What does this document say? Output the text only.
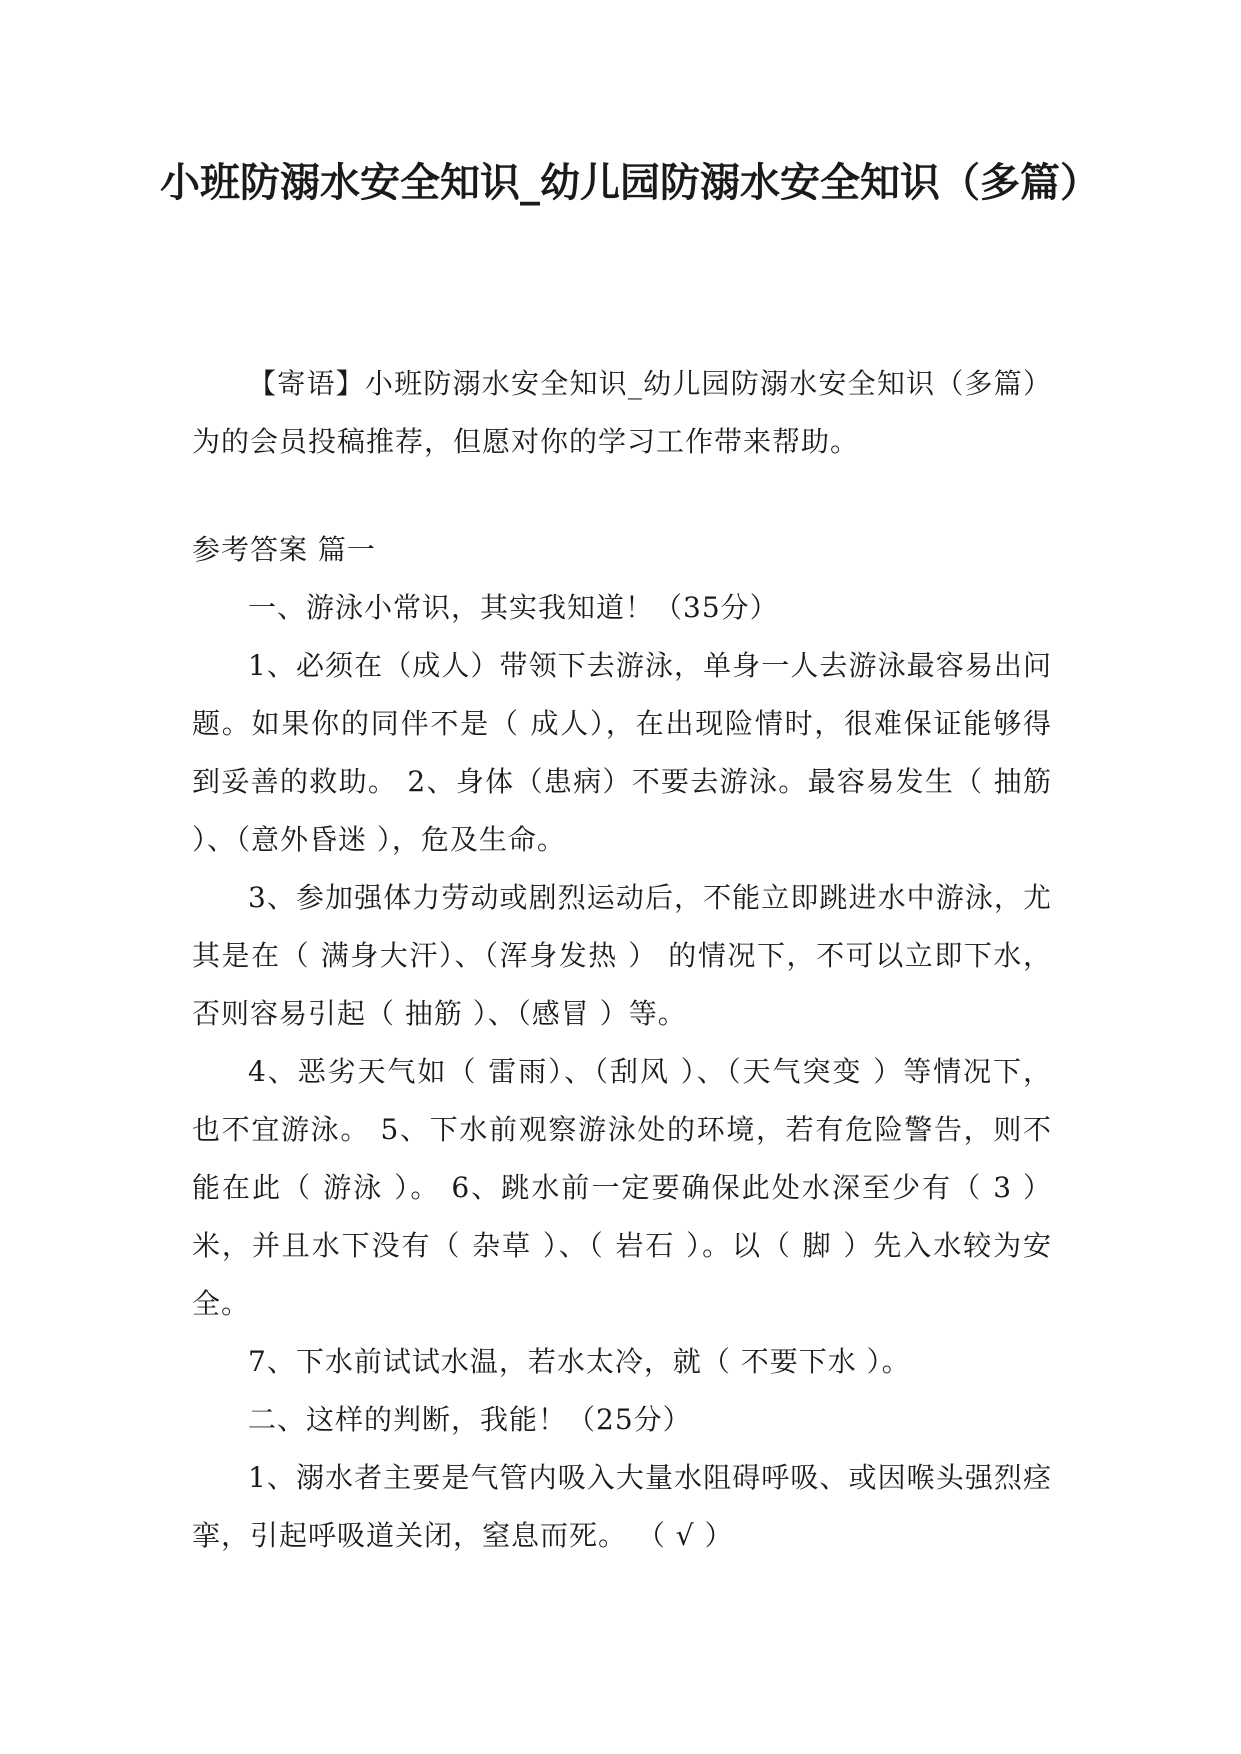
小班防溺水安全知识_幼儿园防溺水安全知识（多篇）

【寄语】小班防溺水安全知识_幼儿园防溺水安全知识（多篇）为的会员投稿推荐，但愿对你的学习工作带来帮助。

参考答案 篇一

一、游泳小常识，其实我知道！（35分）

1、必须在（成人）带领下去游泳，单身一人去游泳最容易出问题。如果你的同伴不是（ 成人），在出现险情时，很难保证能够得到妥善的救助。 2、身体（患病）不要去游泳。最容易发生（ 抽筋 ）、（意外昏迷 ），危及生命。

3、参加强体力劳动或剧烈运动后，不能立即跳进水中游泳，尤其是在（ 满身大汗）、（浑身发热 ） 的情况下，不可以立即下水，否则容易引起（ 抽筋 ）、（感冒 ）等。

4、恶劣天气如（ 雷雨）、（刮风 ）、（天气突变 ）等情况下，也不宜游泳。 5、下水前观察游泳处的环境，若有危险警告，则不能在此（ 游泳 ）。 6、跳水前一定要确保此处水深至少有（ 3 ）米，并且水下没有（ 杂草 ）、（ 岩石 ）。以（ 脚 ）先入水较为安全。

7、下水前试试水温，若水太冷，就（ 不要下水 ）。

二、这样的判断，我能！（25分）

1、溺水者主要是气管内吸入大量水阻碍呼吸、或因喉头强烈痉挛，引起呼吸道关闭，窒息而死。 （ √ ）
